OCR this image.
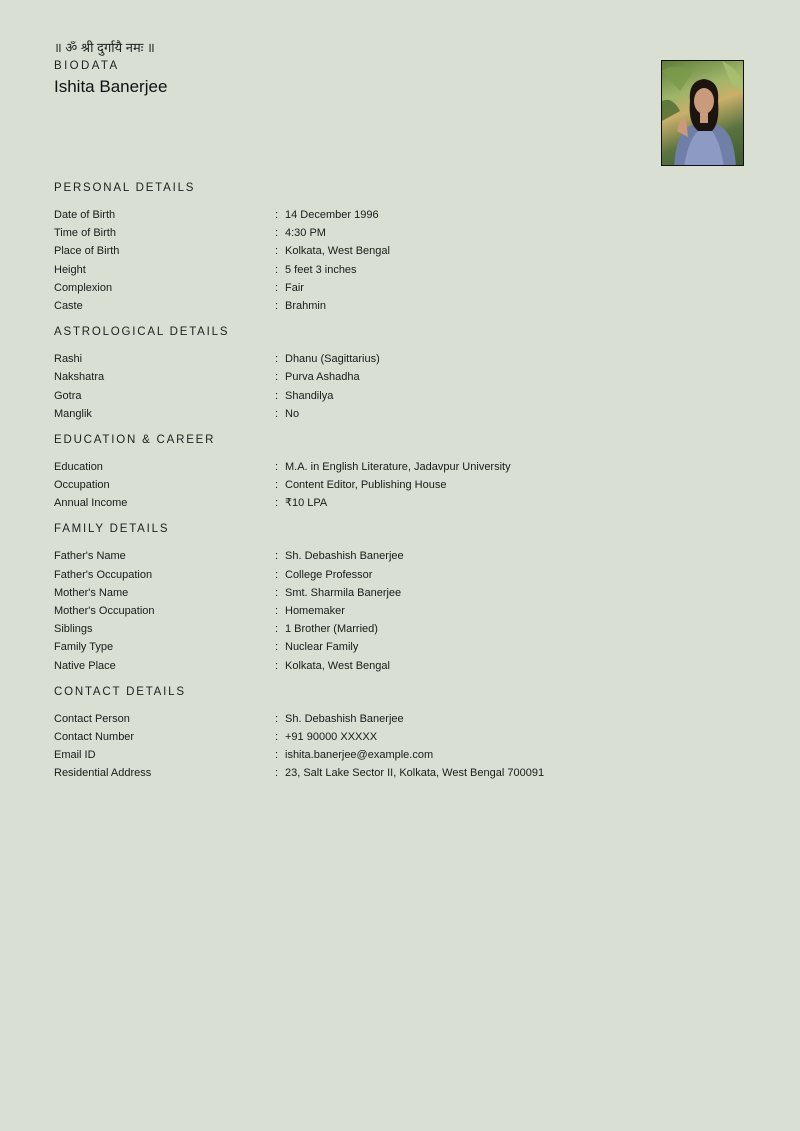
॥ ॐ श्री दुर्गायै नमः ॥
BIODATA
Ishita Banerjee
PERSONAL DETAILS
Date of Birth	: 14 December 1996
Time of Birth	: 4:30 PM
Place of Birth	: Kolkata, West Bengal
Height	: 5 feet 3 inches
Complexion	: Fair
Caste	: Brahmin
ASTROLOGICAL DETAILS
Rashi	: Dhanu (Sagittarius)
Nakshatra	: Purva Ashadha
Gotra	: Shandilya
Manglik	: No
EDUCATION & CAREER
Education	: M.A. in English Literature, Jadavpur University
Occupation	: Content Editor, Publishing House
Annual Income	: ₹10 LPA
FAMILY DETAILS
Father's Name	: Sh. Debashish Banerjee
Father's Occupation	: College Professor
Mother's Name	: Smt. Sharmila Banerjee
Mother's Occupation	: Homemaker
Siblings	: 1 Brother (Married)
Family Type	: Nuclear Family
Native Place	: Kolkata, West Bengal
CONTACT DETAILS
Contact Person	: Sh. Debashish Banerjee
Contact Number	: +91 90000 XXXXX
Email ID	: ishita.banerjee@example.com
Residential Address	: 23, Salt Lake Sector II, Kolkata, West Bengal 700091
